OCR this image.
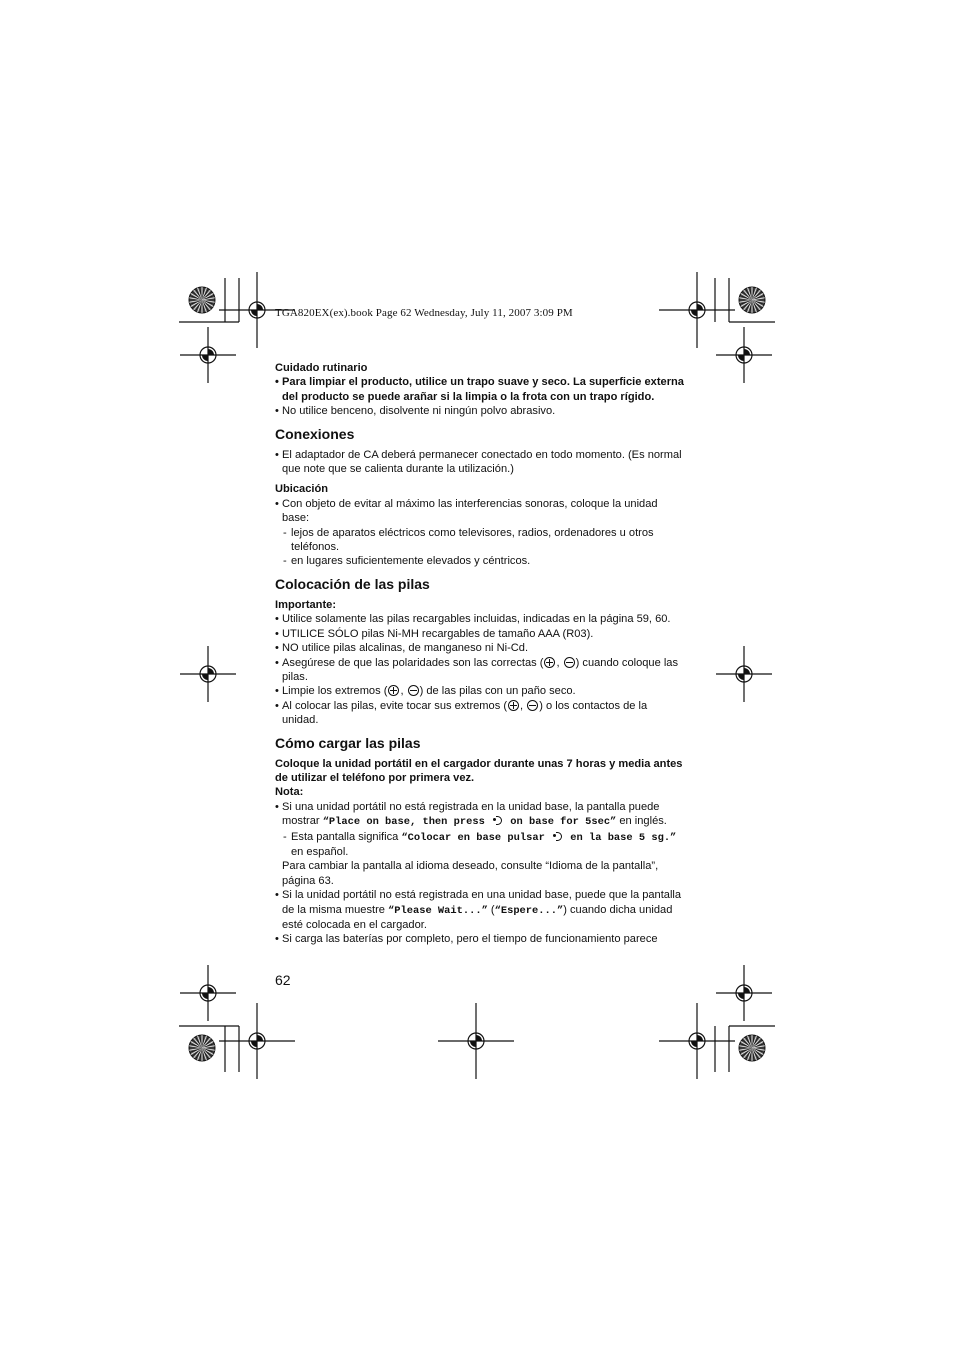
TGA820EX(ex).book Page 62 Wednesday, July 11, 2007 3:09 PM

Cuidado rutinario

• Para limpiar el producto, utilice un trapo suave y seco. La superficie externa del producto se puede arañar si la limpia o la frota con un trapo rígido.

• No utilice benceno, disolvente ni ningún polvo abrasivo.

Conexiones

• El adaptador de CA deberá permanecer conectado en todo momento. (Es normal que note que se calienta durante la utilización.)

Ubicación

• Con objeto de evitar al máximo las interferencias sonoras, coloque la unidad base:

- lejos de aparatos eléctricos como televisores, radios, ordenadores u otros teléfonos.

- en lugares suficientemente elevados y céntricos.

Colocación de las pilas

Importante:

• Utilice solamente las pilas recargables incluidas, indicadas en la página 59, 60.

• UTILICE SÓLO pilas Ni-MH recargables de tamaño AAA (R03).

• NO utilice pilas alcalinas, de manganeso ni Ni-Cd.

• Asegúrese de que las polaridades son las correctas ( , ) cuando coloque las pilas.

• Limpie los extremos ( , ) de las pilas con un paño seco.

• Al colocar las pilas, evite tocar sus extremos ( , ) o los contactos de la unidad.

Cómo cargar las pilas

Coloque la unidad portátil en el cargador durante unas 7 horas y media antes de utilizar el teléfono por primera vez.

Nota:

• Si una unidad portátil no está registrada en la unidad base, la pantalla puede mostrar “Place on base, then press  on base for 5sec” en inglés.

- Esta pantalla significa “Colocar en base pulsar  en la base 5 sg.” en español.

Para cambiar la pantalla al idioma deseado, consulte “Idioma de la pantalla”, página 63.

• Si la unidad portátil no está registrada en una unidad base, puede que la pantalla de la misma muestre “Please Wait...” (“Espere...”) cuando dicha unidad esté colocada en el cargador.

• Si carga las baterías por completo, pero el tiempo de funcionamiento parece

62
